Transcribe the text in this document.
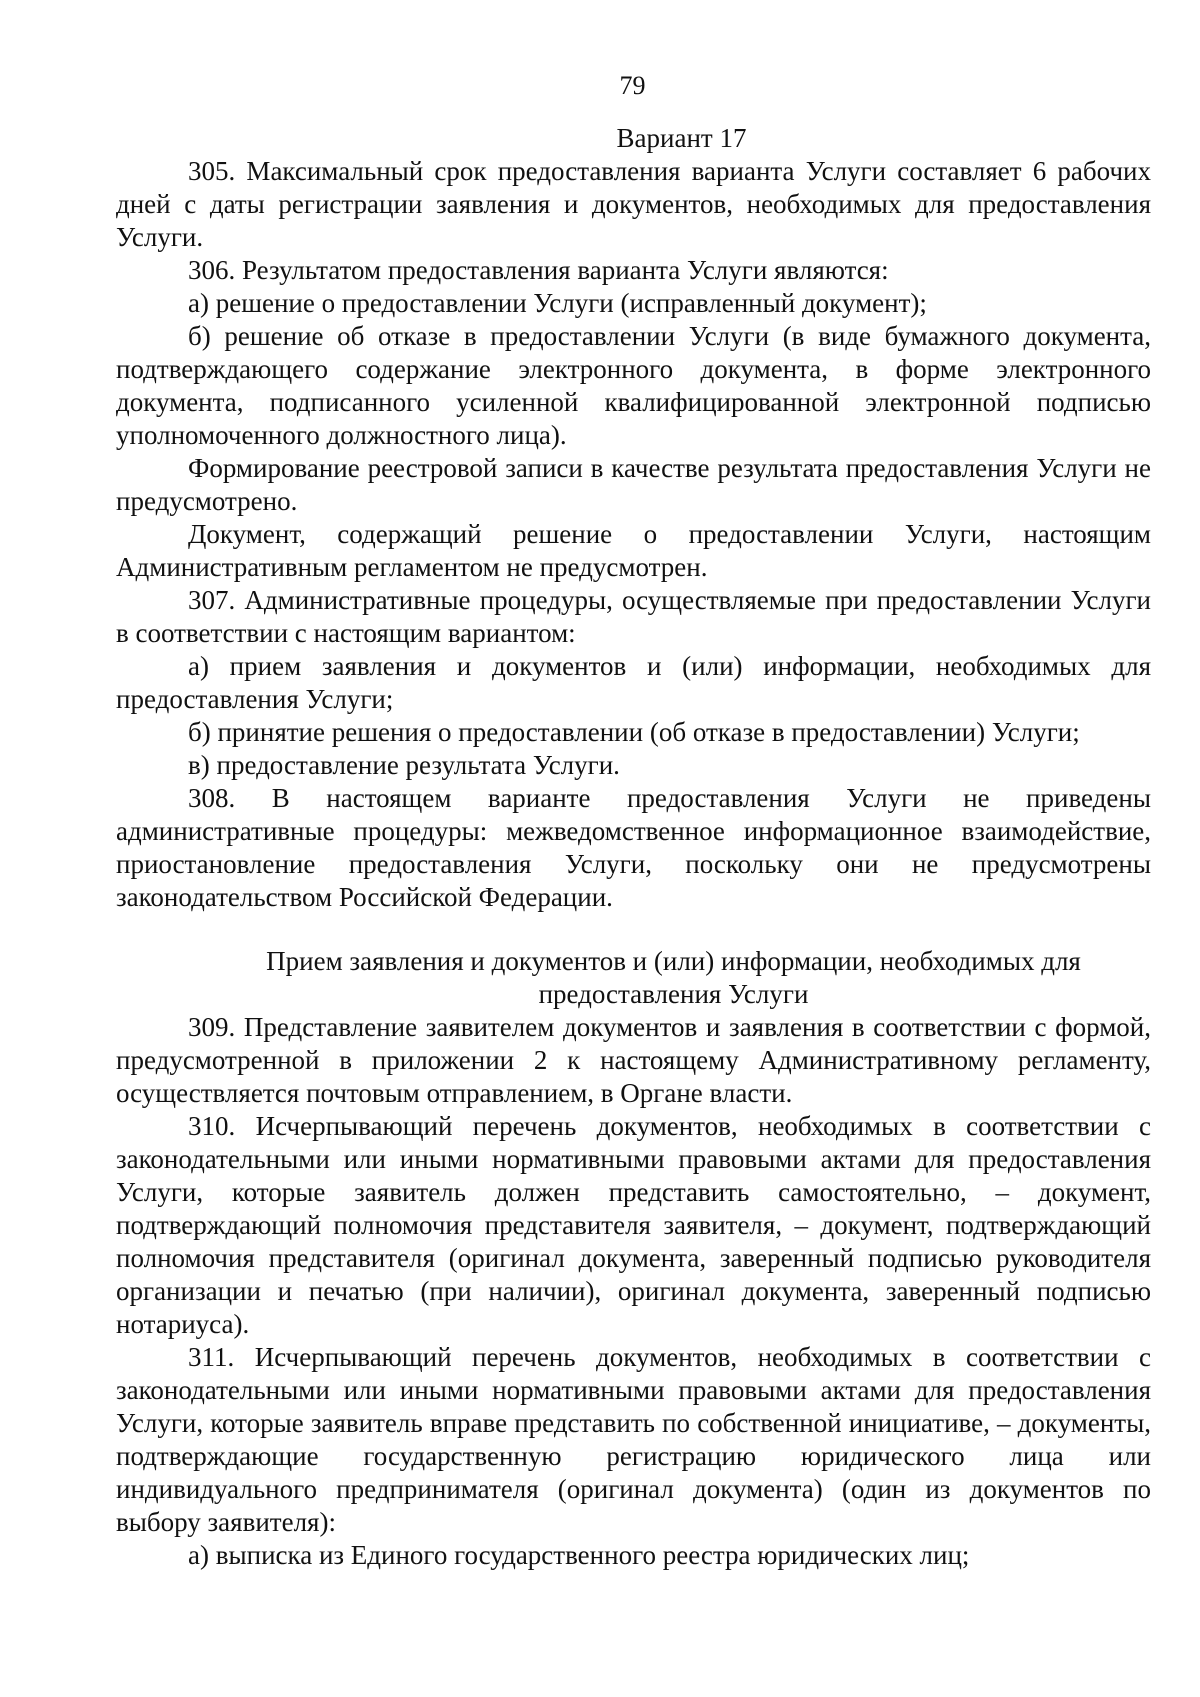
79

Вариант 17

305. Максимальный срок предоставления варианта Услуги составляет 6 рабочих дней с даты регистрации заявления и документов, необходимых для предоставления Услуги.

306. Результатом предоставления варианта Услуги являются:

а) решение о предоставлении Услуги (исправленный документ);

б) решение об отказе в предоставлении Услуги (в виде бумажного документа, подтверждающего содержание электронного документа, в форме электронного документа, подписанного усиленной квалифицированной электронной подписью уполномоченного должностного лица).

Формирование реестровой записи в качестве результата предоставления Услуги не предусмотрено.

Документ, содержащий решение о предоставлении Услуги, настоящим Административным регламентом не предусмотрен.

307. Административные процедуры, осуществляемые при предоставлении Услуги в соответствии с настоящим вариантом:

а) прием заявления и документов и (или) информации, необходимых для предоставления Услуги;

б) принятие решения о предоставлении (об отказе в предоставлении) Услуги;

в) предоставление результата Услуги.

308. В настоящем варианте предоставления Услуги не приведены административные процедуры: межведомственное информационное взаимодействие, приостановление предоставления Услуги, поскольку они не предусмотрены законодательством Российской Федерации.

Прием заявления и документов и (или) информации, необходимых для предоставления Услуги

309. Представление заявителем документов и заявления в соответствии с формой, предусмотренной в приложении 2 к настоящему Административному регламенту, осуществляется почтовым отправлением, в Органе власти.

310. Исчерпывающий перечень документов, необходимых в соответствии с законодательными или иными нормативными правовыми актами для предоставления Услуги, которые заявитель должен представить самостоятельно, – документ, подтверждающий полномочия представителя заявителя, – документ, подтверждающий полномочия представителя (оригинал документа, заверенный подписью руководителя организации и печатью (при наличии), оригинал документа, заверенный подписью нотариуса).

311. Исчерпывающий перечень документов, необходимых в соответствии с законодательными или иными нормативными правовыми актами для предоставления Услуги, которые заявитель вправе представить по собственной инициативе, – документы, подтверждающие государственную регистрацию юридического лица или индивидуального предпринимателя (оригинал документа) (один из документов по выбору заявителя):

а) выписка из Единого государственного реестра юридических лиц;
